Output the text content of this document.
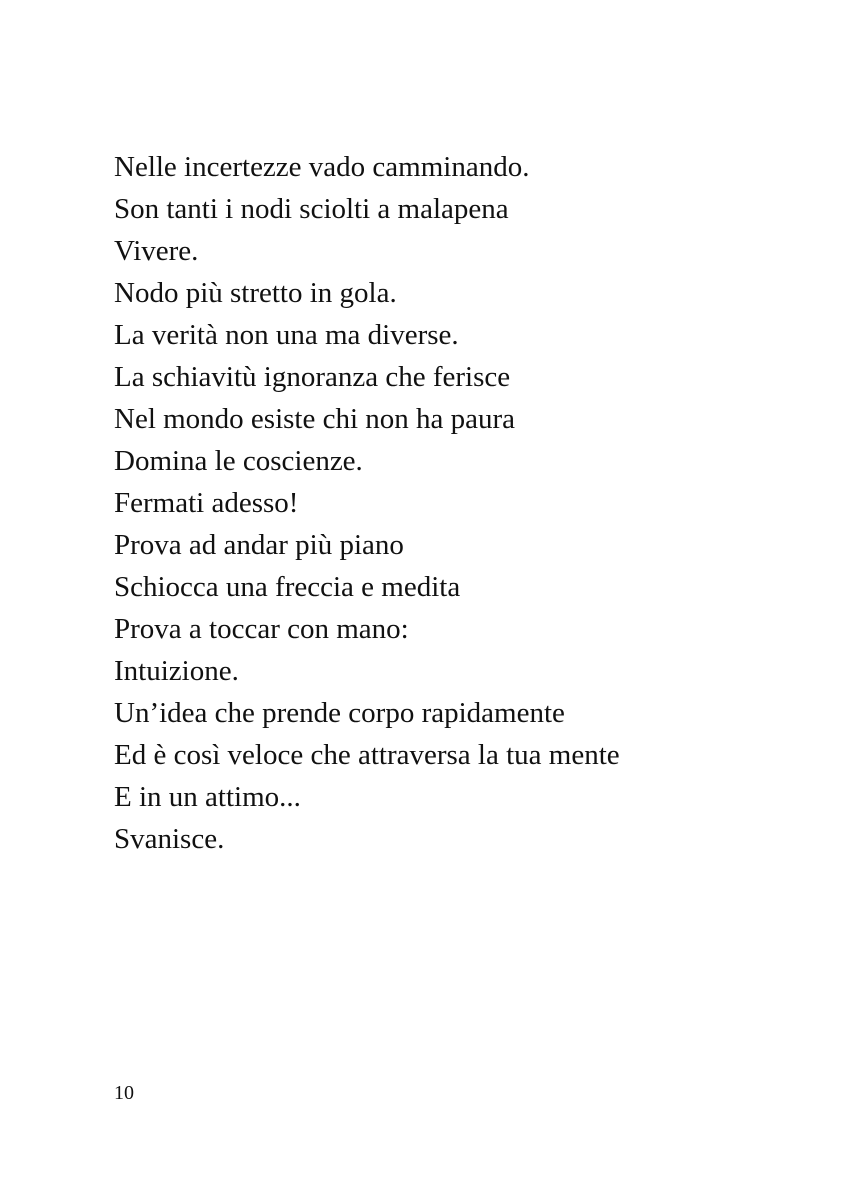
Nelle incertezze vado camminando.
Son tanti i nodi sciolti a malapena
Vivere.
Nodo più stretto in gola.
La verità non una ma diverse.
La schiavitù ignoranza che ferisce
Nel mondo esiste chi non ha paura
Domina le coscienze.
Fermati adesso!
Prova ad andar più piano
Schiocca una freccia e medita
Prova a toccar con mano:
Intuizione.
Un’idea che prende corpo rapidamente
Ed è così veloce che attraversa la tua mente
E in un attimo...
Svanisce.
10
